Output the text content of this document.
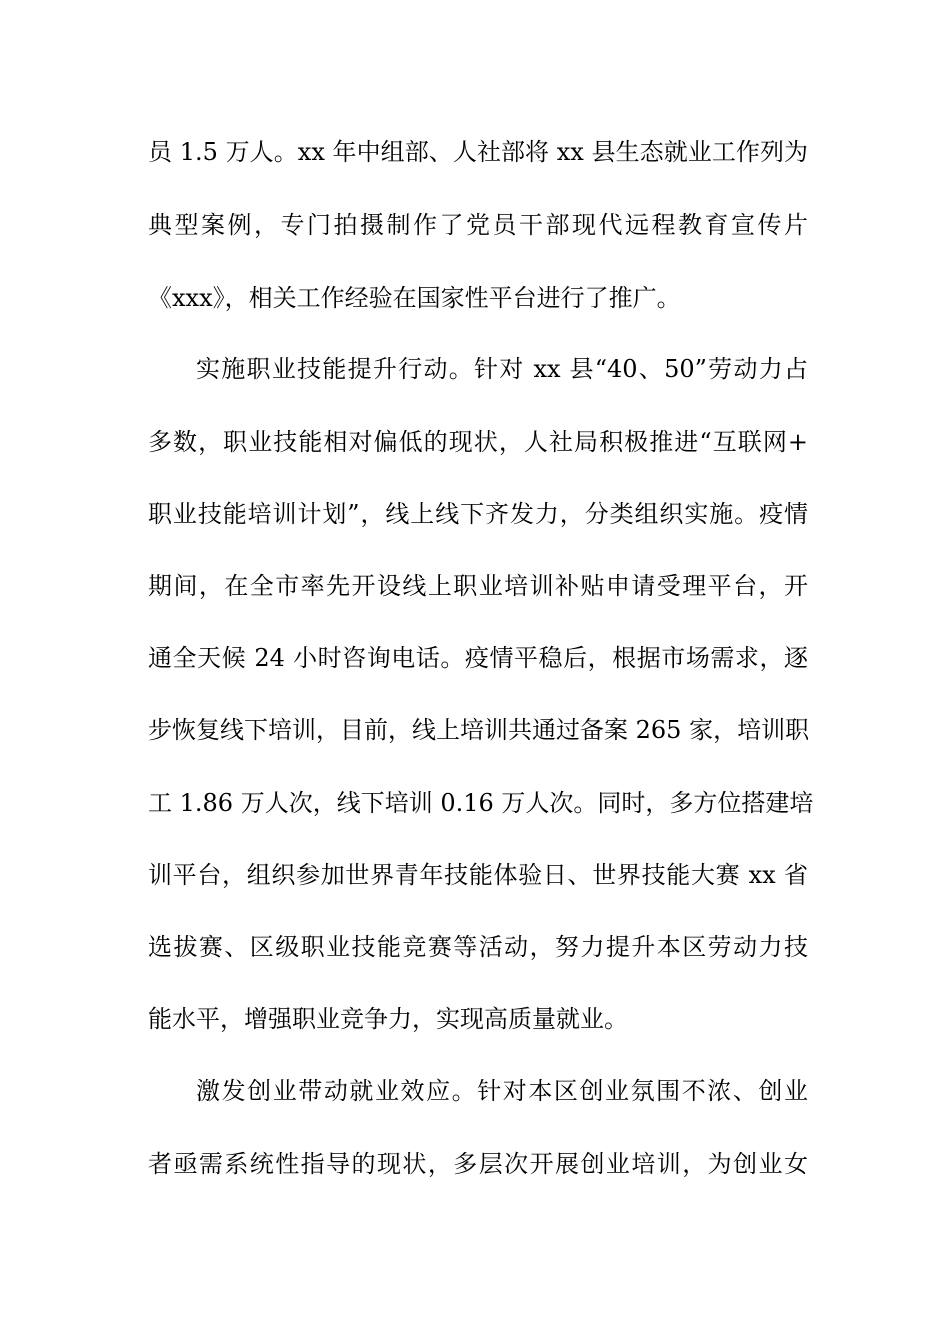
员 1.5 万人。xx 年中组部、人社部将 xx 县生态就业工作列为
典型案例，专门拍摄制作了党员干部现代远程教育宣传片
《xxx》，相关工作经验在国家性平台进行了推广。
实施职业技能提升行动。针对 xx 县“40、50”劳动力占
多数，职业技能相对偏低的现状，人社局积极推进“互联网+
职业技能培训计划”，线上线下齐发力，分类组织实施。疫情
期间，在全市率先开设线上职业培训补贴申请受理平台，开
通全天候 24 小时咨询电话。疫情平稳后，根据市场需求，逐
步恢复线下培训，目前，线上培训共通过备案 265 家，培训职
工 1.86 万人次，线下培训 0.16 万人次。同时，多方位搭建培
训平台，组织参加世界青年技能体验日、世界技能大赛 xx 省
选拔赛、区级职业技能竞赛等活动，努力提升本区劳动力技
能水平，增强职业竞争力，实现高质量就业。
激发创业带动就业效应。针对本区创业氛围不浓、创业
者亟需系统性指导的现状，多层次开展创业培训，为创业女
